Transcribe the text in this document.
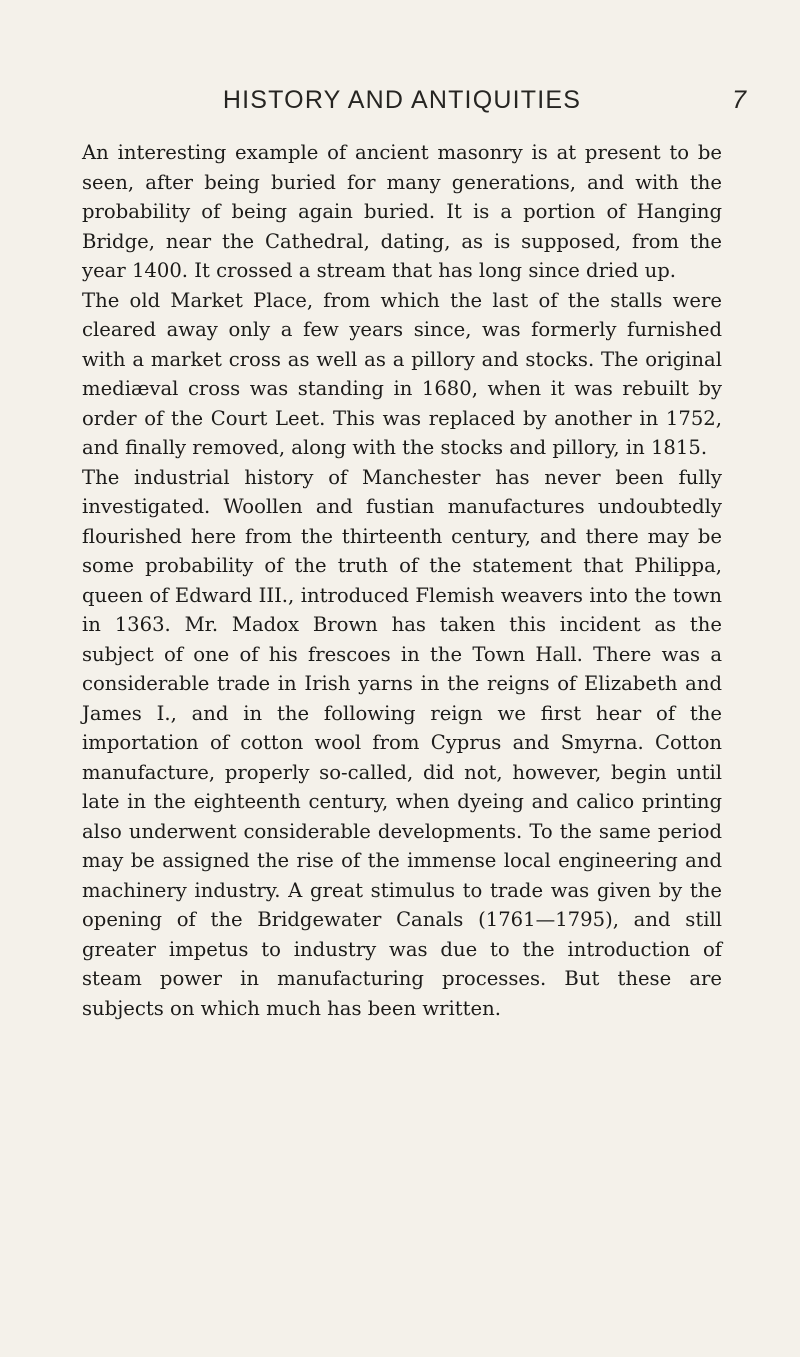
HISTORY AND ANTIQUITIES	7

An interesting example of ancient masonry is at present to be seen, after being buried for many generations, and with the probability of being again buried. It is a portion of Hanging Bridge, near the Cathedral, dating, as is supposed, from the year 1400. It crossed a stream that has long since dried up.

The old Market Place, from which the last of the stalls were cleared away only a few years since, was formerly furnished with a market cross as well as a pillory and stocks. The original mediæval cross was standing in 1680, when it was rebuilt by order of the Court Leet. This was replaced by another in 1752, and finally removed, along with the stocks and pillory, in 1815.

The industrial history of Manchester has never been fully investigated. Woollen and fustian manufactures undoubtedly flourished here from the thirteenth century, and there may be some probability of the truth of the statement that Philippa, queen of Edward III., introduced Flemish weavers into the town in 1363. Mr. Madox Brown has taken this incident as the subject of one of his frescoes in the Town Hall. There was a considerable trade in Irish yarns in the reigns of Elizabeth and James I., and in the following reign we first hear of the importation of cotton wool from Cyprus and Smyrna. Cotton manufacture, properly so-called, did not, however, begin until late in the eighteenth century, when dyeing and calico printing also underwent considerable developments. To the same period may be assigned the rise of the immense local engineering and machinery industry. A great stimulus to trade was given by the opening of the Bridgewater Canals (1761—1795), and still greater impetus to industry was due to the introduction of steam power in manufacturing processes. But these are subjects on which much has been written.
